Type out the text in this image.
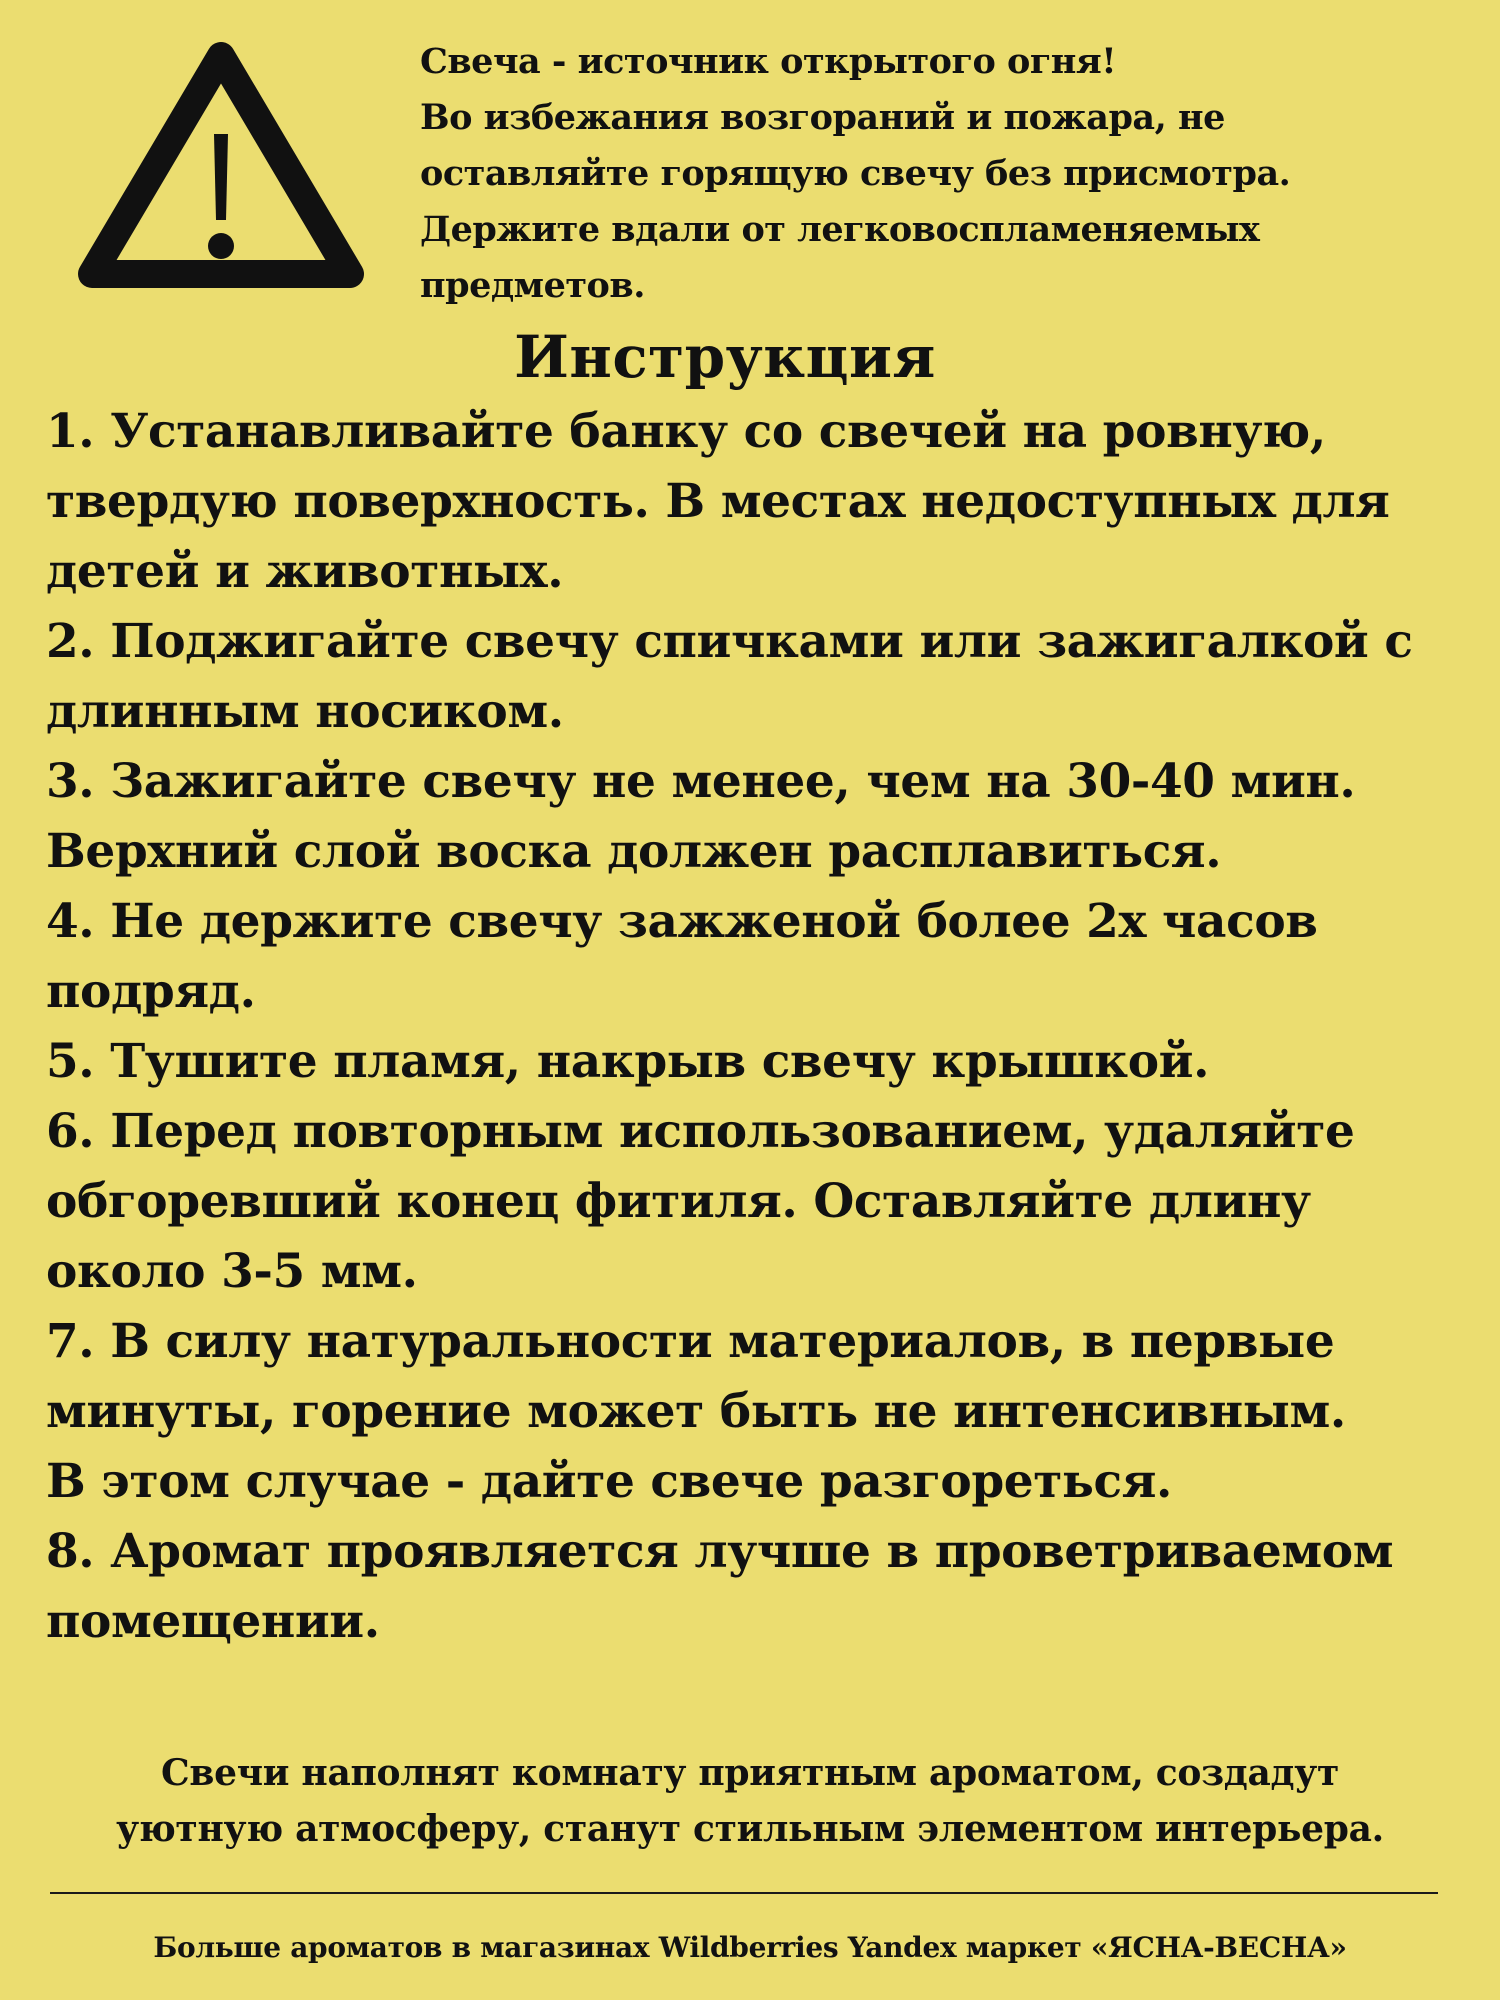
Свеча - источник открытого огня!
Во избежания возгораний и пожара, не
оставляйте горящую свечу без присмотра.
Держите вдали от легковоспламеняемых
предметов.
Инструкция
1. Устанавливайте банку со свечей на ровную,
твердую поверхность. В местах недоступных для
детей и животных.
2. Поджигайте свечу спичками или зажигалкой с
длинным носиком.
3. Зажигайте свечу не менее, чем на 30-40 мин.
Верхний слой воска должен расплавиться.
4. Не держите свечу зажженой более 2х часов
подряд.
5. Тушите пламя, накрыв свечу крышкой.
6. Перед повторным использованием, удаляйте
обгоревший конец фитиля. Оставляйте длину
около 3-5 мм.
7. В силу натуральности материалов, в первые
минуты, горение может быть не интенсивным.
В этом случае - дайте свече разгореться.
8. Аромат проявляется лучше в проветриваемом
помещении.
Свечи наполнят комнату приятным ароматом, создадут
уютную атмосферу, станут стильным элементом интерьера.
Больше ароматов в магазинах Wildberries Yandex маркет «ЯСНА-ВЕСНА»
